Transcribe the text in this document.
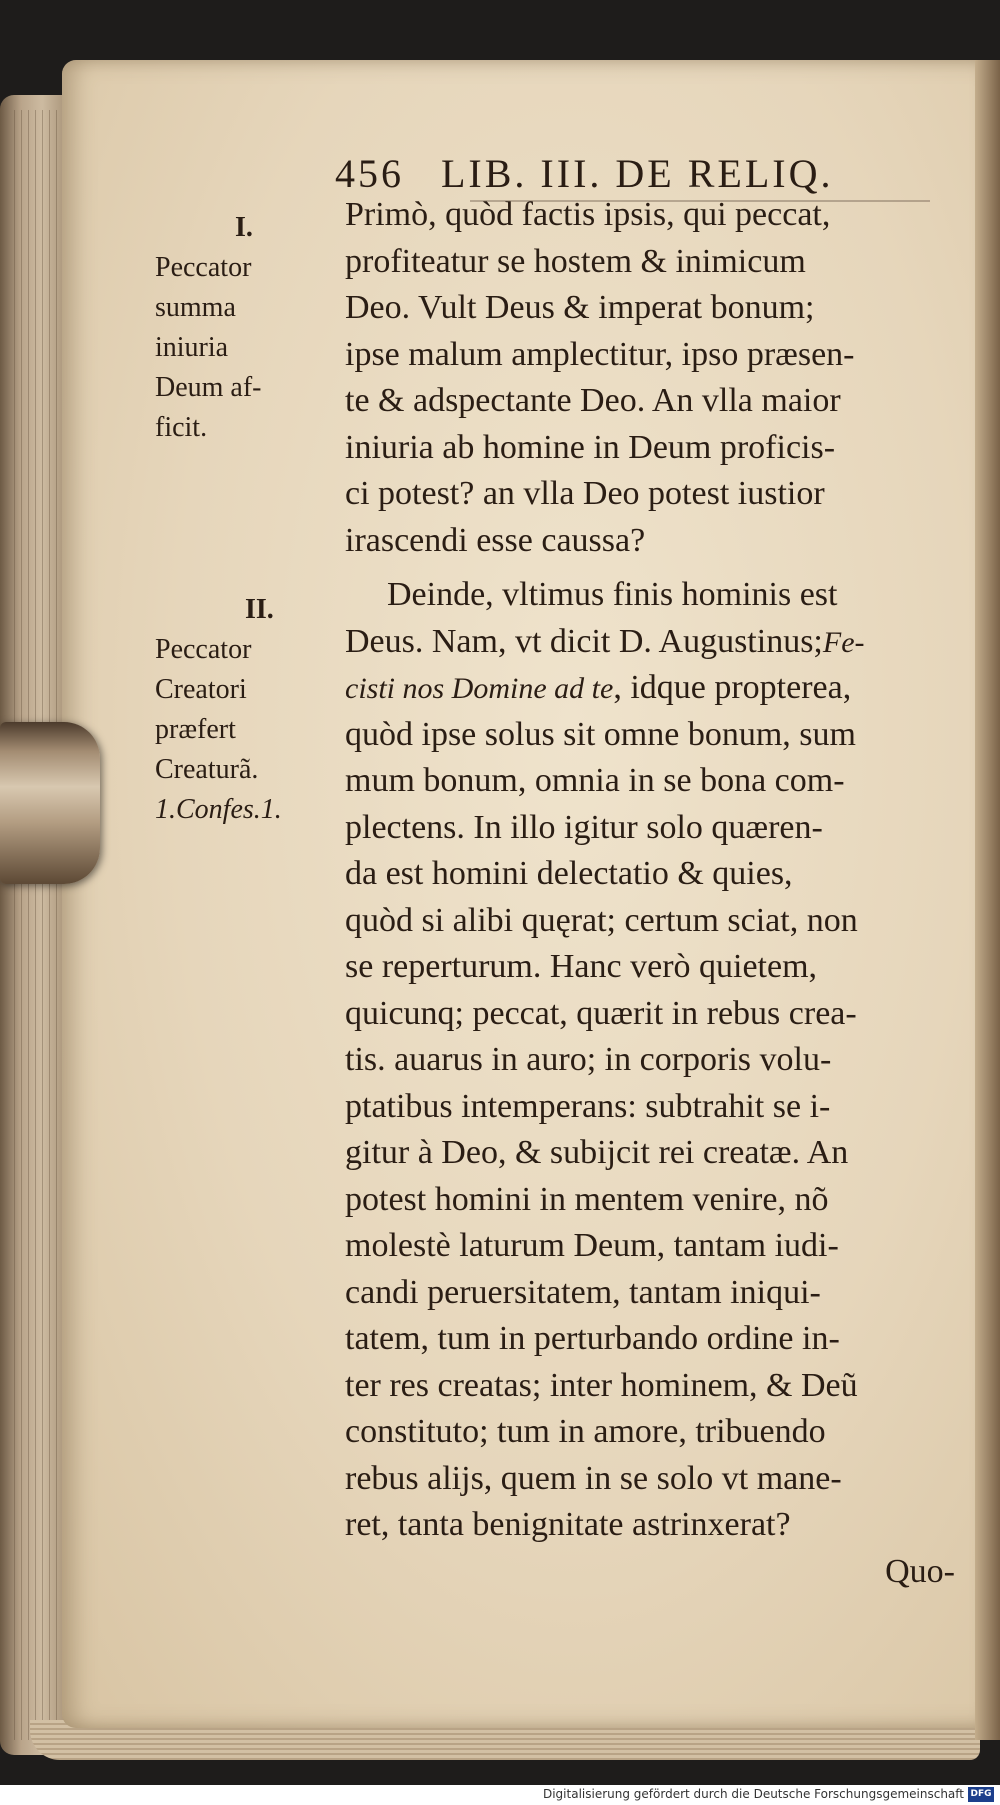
456 LIB. III. DE RELIQ.
I.
Peccator
summa
iniuria
Deum af-
ficit.
II.
Peccator
Creatori
præfert
Creaturã.
1.Confes.1.
Primò, quòd factis ipsis, qui peccat,
profiteatur se hostem & inimicum
Deo. Vult Deus & imperat bonum;
ipse malum amplectitur, ipso præsen-
te & adspectante Deo. An vlla maior
iniuria ab homine in Deum proficis-
ci potest? an vlla Deo potest iustior
irascendi esse caussa?
Deinde, vltimus finis hominis est
Deus. Nam, vt dicit D. Augustinus;Fe-
cisti nos Domine ad te, idque propterea,
quòd ipse solus sit omne bonum, sum
mum bonum, omnia in se bona com-
plectens. In illo igitur solo quæren-
da est homini delectatio & quies,
quòd si alibi quęrat; certum sciat, non
se reperturum. Hanc verò quietem,
quicunq; peccat, quærit in rebus crea-
tis. auarus in auro; in corporis volu-
ptatibus intemperans: subtrahit se i-
gitur à Deo, & subijcit rei creatæ. An
potest homini in mentem venire, nõ
molestè laturum Deum, tantam iudi-
candi peruersitatem, tantam iniqui-
tatem, tum in perturbando ordine in-
ter res creatas; inter hominem, & Deũ
constituto; tum in amore, tribuendo
rebus alijs, quem in se solo vt mane-
ret, tanta benignitate astrinxerat?
Quo-
Digitalisierung gefördert durch die Deutsche Forschungsgemeinschaft DFG
